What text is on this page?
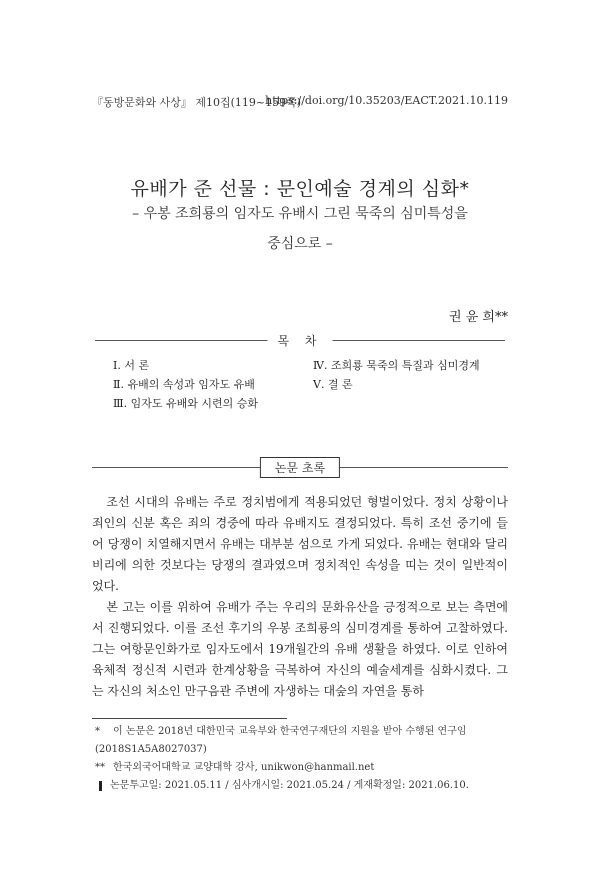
『동방문화와 사상』 제10집(119~159쪽)
https://doi.org/10.35203/EACT.2021.10.119
유배가 준 선물 : 문인예술 경계의 심화*
– 우봉 조희룡의 임자도 유배시 그린 묵죽의 심미특성을
중심으로 –
권 윤 희**
목 차
Ⅰ. 서 론
Ⅱ. 유배의 속성과 임자도 유배
Ⅲ. 임자도 유배와 시련의 승화
Ⅳ. 조희룡 묵죽의 특질과 심미경계
Ⅴ. 결 론
논문 초록

조선 시대의 유배는 주로 정치범에게 적용되었던 형벌이었다. 정치 상황이나 죄인의 신분 혹은 죄의 경중에 따라 유배지도 결정되었다. 특히 조선 중기에 들어 당쟁이 치열해지면서 유배는 대부분 섬으로 가게 되었다. 유배는 현대와 달리 비리에 의한 것보다는 당쟁의 결과였으며 정치적인 속성을 띠는 것이 일반적이었다.

본 고는 이를 위하여 유배가 주는 우리의 문화유산을 긍정적으로 보는 측면에서 진행되었다. 이를 조선 후기의 우봉 조희룡의 심미경계를 통하여 고찰하였다. 그는 여항문인화가로 임자도에서 19개월간의 유배 생활을 하였다. 이로 인하여 육체적 정신적 시련과 한계상황을 극복하여 자신의 예술세계를 심화시켰다. 그는 자신의 처소인 만구음관 주변에 자생하는 대숲의 자연을 통하

* 이 논문은 2018년 대한민국 교육부와 한국연구재단의 지원을 받아 수행된 연구임(2018S1A5A8027037)
** 한국외국어대학교 교양대학 강사, unikwon@hanmail.net
논문투고일: 2021.05.11 / 심사개시일: 2021.05.24 / 게재확정일: 2021.06.10.
